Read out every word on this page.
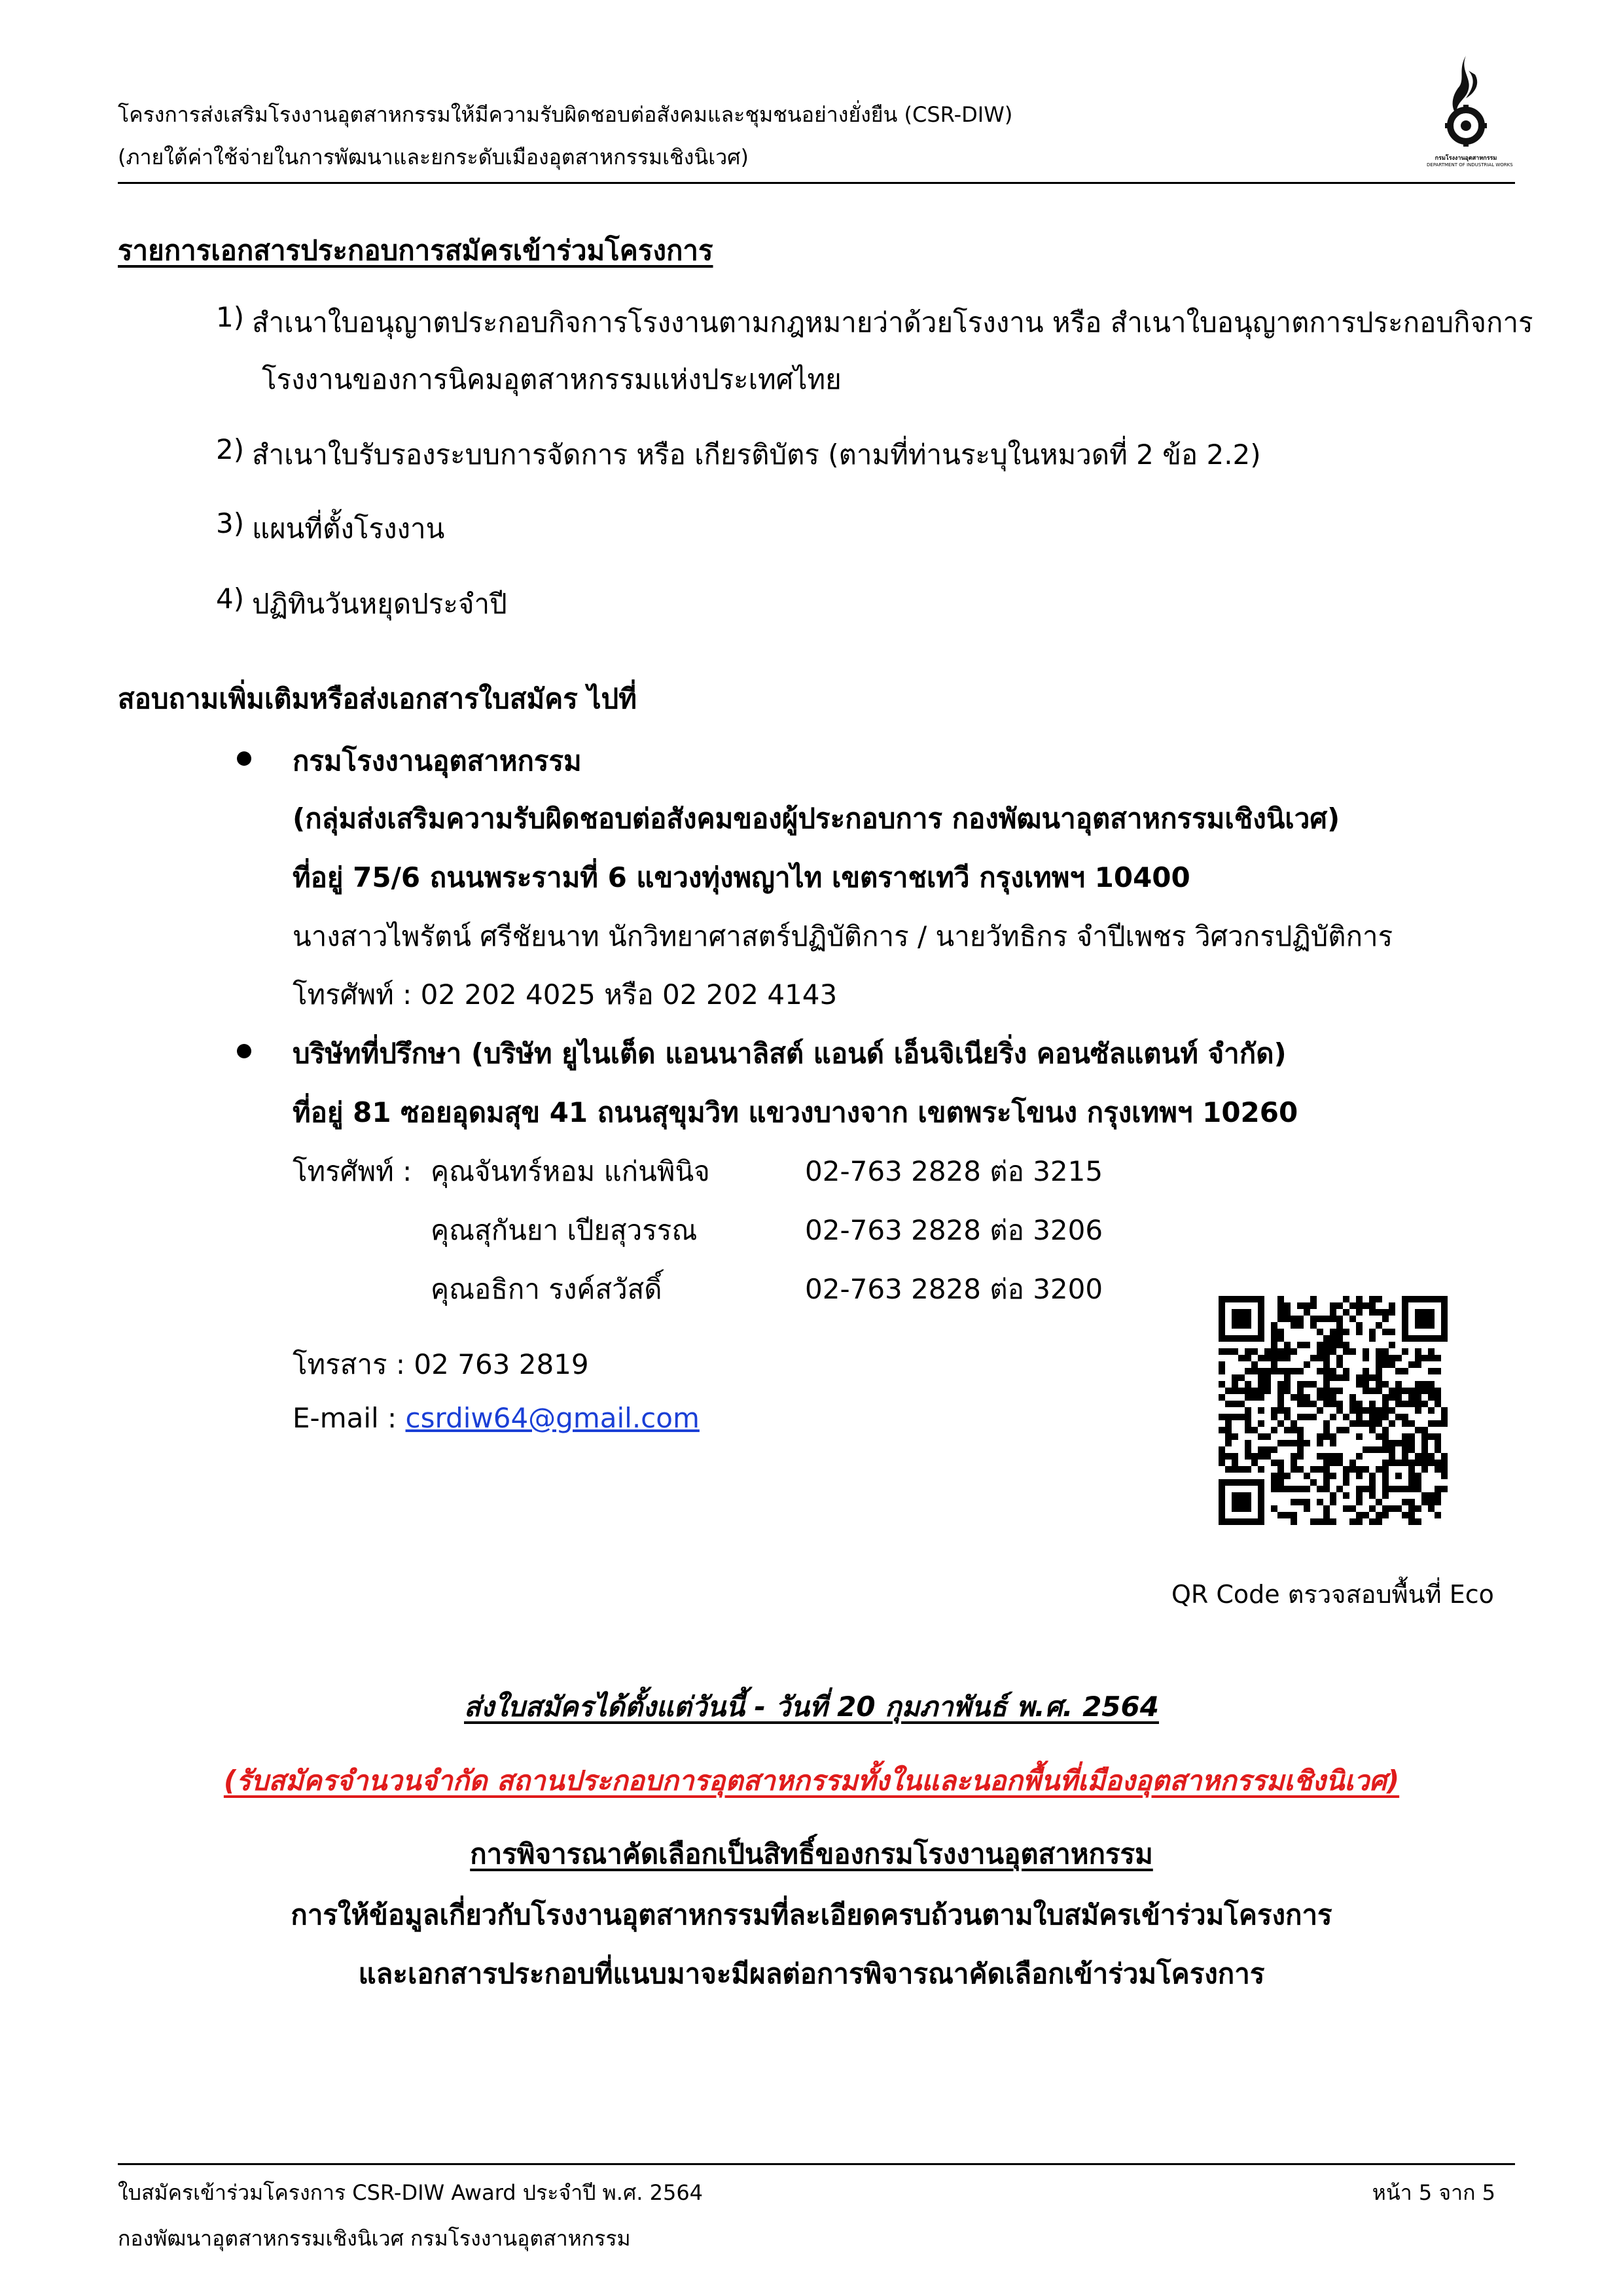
โครงการส่งเสริมโรงงานอุตสาหกรรมให้มีความรับผิดชอบต่อสังคมและชุมชนอย่างยั่งยืน (CSR-DIW)
(ภายใต้ค่าใช้จ่ายในการพัฒนาและยกระดับเมืองอุตสาหกรรมเชิงนิเวศ)	กรมโรงงานอุตสาหกรรม
DEPARTMENT OF INDUSTRIAL WORKS
รายการเอกสารประกอบการสมัครเข้าร่วมโครงการ
1) สำเนาใบอนุญาตประกอบกิจการโรงงานตามกฎหมายว่าด้วยโรงงาน หรือ สำเนาใบอนุญาตการประกอบกิจการ
โรงงานของการนิคมอุตสาหกรรมแห่งประเทศไทย
2) สำเนาใบรับรองระบบการจัดการ หรือ เกียรติบัตร (ตามที่ท่านระบุในหมวดที่ 2 ข้อ 2.2)
3) แผนที่ตั้งโรงงาน
4) ปฏิทินวันหยุดประจำปี
สอบถามเพิ่มเติมหรือส่งเอกสารใบสมัคร ไปที่
กรมโรงงานอุตสาหกรรม
(กลุ่มส่งเสริมความรับผิดชอบต่อสังคมของผู้ประกอบการ กองพัฒนาอุตสาหกรรมเชิงนิเวศ)
ที่อยู่ 75/6 ถนนพระรามที่ 6 แขวงทุ่งพญาไท เขตราชเทวี กรุงเทพฯ 10400
นางสาวไพรัตน์ ศรีชัยนาท นักวิทยาศาสตร์ปฏิบัติการ / นายวัทธิกร จำปีเพชร วิศวกรปฏิบัติการ
โทรศัพท์ : 02 202 4025 หรือ 02 202 4143
บริษัทที่ปรึกษา (บริษัท ยูไนเต็ด แอนนาลิสต์ แอนด์ เอ็นจิเนียริ่ง คอนซัลแตนท์ จำกัด)
ที่อยู่ 81 ซอยอุดมสุข 41 ถนนสุขุมวิท แขวงบางจาก เขตพระโขนง กรุงเทพฯ 10260
โทรศัพท์ : คุณจันทร์หอม แก่นพินิจ	02-763 2828 ต่อ 3215
คุณสุกันยา เปียสุวรรณ	02-763 2828 ต่อ 3206
คุณอธิกา รงค์สวัสดิ์	02-763 2828 ต่อ 3200
โทรสาร : 02 763 2819
E-mail : csrdiw64@gmail.com
QR Code ตรวจสอบพื้นที่ Eco
ส่งใบสมัครได้ตั้งแต่วันนี้ - วันที่ 20 กุมภาพันธ์ พ.ศ. 2564
(รับสมัครจำนวนจำกัด สถานประกอบการอุตสาหกรรมทั้งในและนอกพื้นที่เมืองอุตสาหกรรมเชิงนิเวศ)
การพิจารณาคัดเลือกเป็นสิทธิ์ของกรมโรงงานอุตสาหกรรม
การให้ข้อมูลเกี่ยวกับโรงงานอุตสาหกรรมที่ละเอียดครบถ้วนตามใบสมัครเข้าร่วมโครงการ
และเอกสารประกอบที่แนบมาจะมีผลต่อการพิจารณาคัดเลือกเข้าร่วมโครงการ
ใบสมัครเข้าร่วมโครงการ CSR-DIW Award ประจำปี พ.ศ. 2564
กองพัฒนาอุตสาหกรรมเชิงนิเวศ กรมโรงงานอุตสาหกรรม
หน้า 5 จาก 5
